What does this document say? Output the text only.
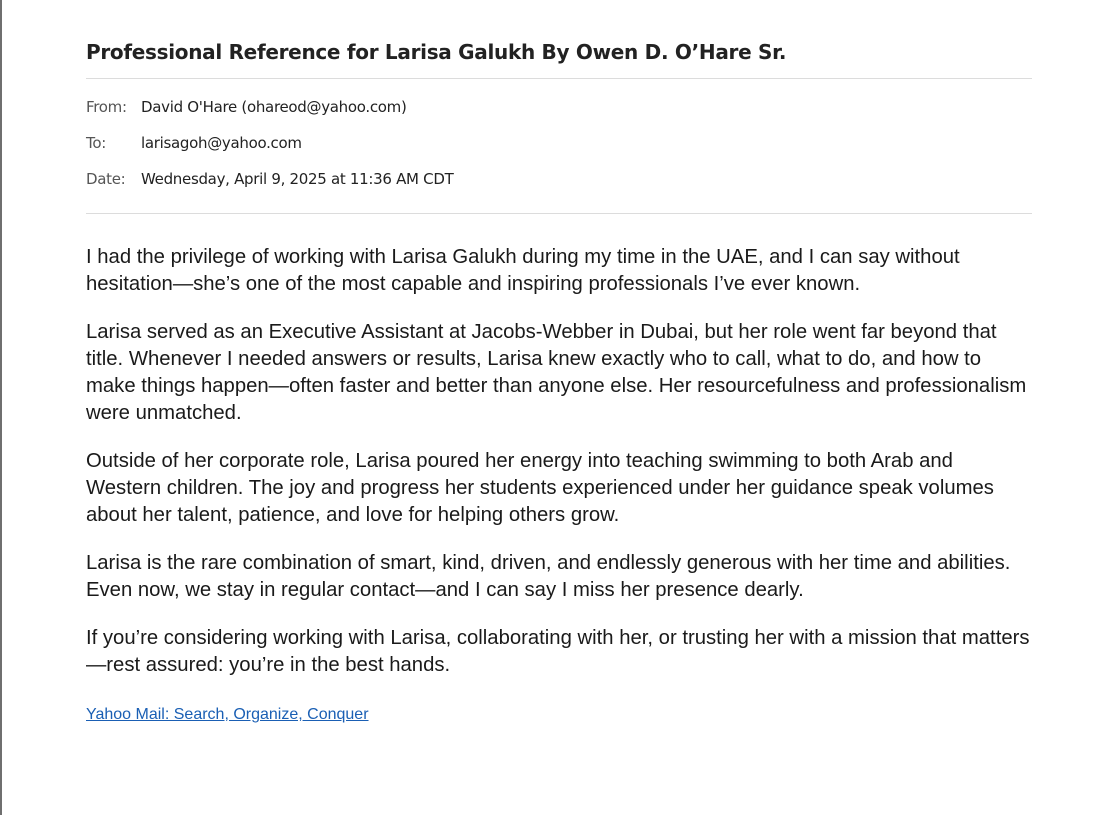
Professional Reference for Larisa Galukh By Owen D. O’Hare Sr.
From: David O'Hare (ohareod@yahoo.com)
To:	larisagoh@yahoo.com
Date:	Wednesday, April 9, 2025 at 11:36 AM CDT

I had the privilege of working with Larisa Galukh during my time in the UAE, and I can say without hesitation—she’s one of the most capable and inspiring professionals I’ve ever known.

Larisa served as an Executive Assistant at Jacobs-Webber in Dubai, but her role went far beyond that title. Whenever I needed answers or results, Larisa knew exactly who to call, what to do, and how to make things happen—often faster and better than anyone else. Her resourcefulness and professionalism were unmatched.

Outside of her corporate role, Larisa poured her energy into teaching swimming to both Arab and Western children. The joy and progress her students experienced under her guidance speak volumes about her talent, patience, and love for helping others grow.

Larisa is the rare combination of smart, kind, driven, and endlessly generous with her time and abilities. Even now, we stay in regular contact—and I can say I miss her presence dearly.

If you’re considering working with Larisa, collaborating with her, or trusting her with a mission that matters—rest assured: you’re in the best hands.

Yahoo Mail: Search, Organize, Conquer
